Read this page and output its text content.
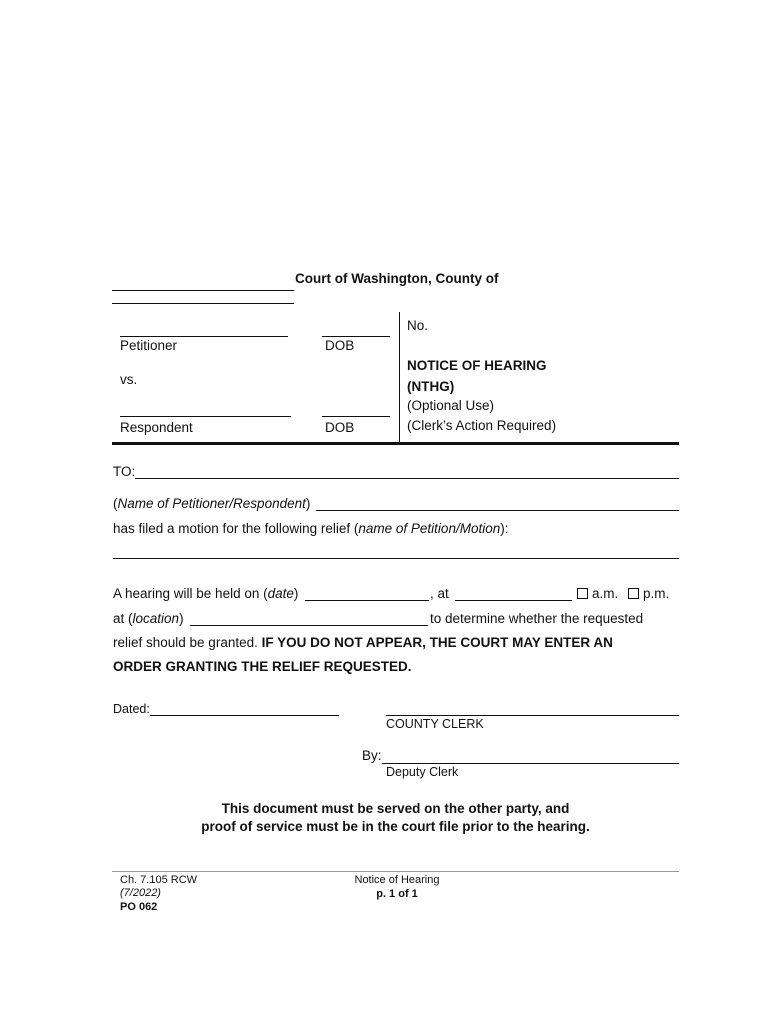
Court of Washington, County of
Petitioner	DOB
vs.
Respondent	DOB
No.
NOTICE OF HEARING
(NTHG)
(Optional Use)
(Clerk’s Action Required)
TO:
(Name of Petitioner/Respondent)
has filed a motion for the following relief (name of Petition/Motion):
A hearing will be held on (date)	, at	a.m.	p.m.
at (location)	to determine whether the requested
relief should be granted. IF YOU DO NOT APPEAR, THE COURT MAY ENTER AN
ORDER GRANTING THE RELIEF REQUESTED.
Dated:
COUNTY CLERK
By:
Deputy Clerk
This document must be served on the other party, and
proof of service must be in the court file prior to the hearing.
Ch. 7.105 RCW
(7/2022)
PO 062
Notice of Hearing
p. 1 of 1
